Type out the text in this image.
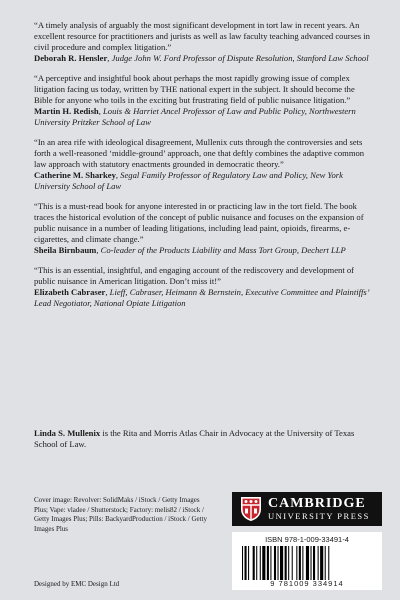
“A timely analysis of arguably the most significant development in tort law in recent years. An excellent resource for practitioners and jurists as well as law faculty teaching advanced courses in civil procedure and complex litigation.”

Deborah R. Hensler, Judge John W. Ford Professor of Dispute Resolution, Stanford Law School

“A perceptive and insightful book about perhaps the most rapidly growing issue of complex litigation facing us today, written by THE national expert in the subject. It should become the Bible for anyone who toils in the exciting but frustrating field of public nuisance litigation.”

Martin H. Redish, Louis & Harriet Ancel Professor of Law and Public Policy, Northwestern University Pritzker School of Law

“In an area rife with ideological disagreement, Mullenix cuts through the controversies and sets forth a well-reasoned ‘middle-ground’ approach, one that deftly combines the adaptive common law approach with statutory enactments grounded in democratic theory.”

Catherine M. Sharkey, Segal Family Professor of Regulatory Law and Policy, New York University School of Law

“This is a must-read book for anyone interested in or practicing law in the tort field. The book traces the historical evolution of the concept of public nuisance and focuses on the expansion of public nuisance in a number of leading litigations, including lead paint, opioids, firearms, e-cigarettes, and climate change.”

Sheila Birnbaum, Co-leader of the Products Liability and Mass Tort Group, Dechert LLP

“This is an essential, insightful, and engaging account of the rediscovery and development of public nuisance in American litigation. Don’t miss it!”

Elizabeth Cabraser, Lieff, Cabraser, Heimann & Bernstein, Executive Committee and Plaintiffs’ Lead Negotiator, National Opiate Litigation

Linda S. Mullenix is the Rita and Morris Atlas Chair in Advocacy at the University of Texas School of Law.

Cover image: Revolver: SolidMaks / iStock / Getty Images Plus; Vape: vladee / Shutterstock; Factory: melis82 / iStock / Getty Images Plus; Pills: BackyardProduction / iStock / Getty Images Plus

Designed by EMC Design Ltd
CAMBRIDGE
UNIVERSITY PRESS
ISBN 978-1-009-33491-4
9 781009 334914
